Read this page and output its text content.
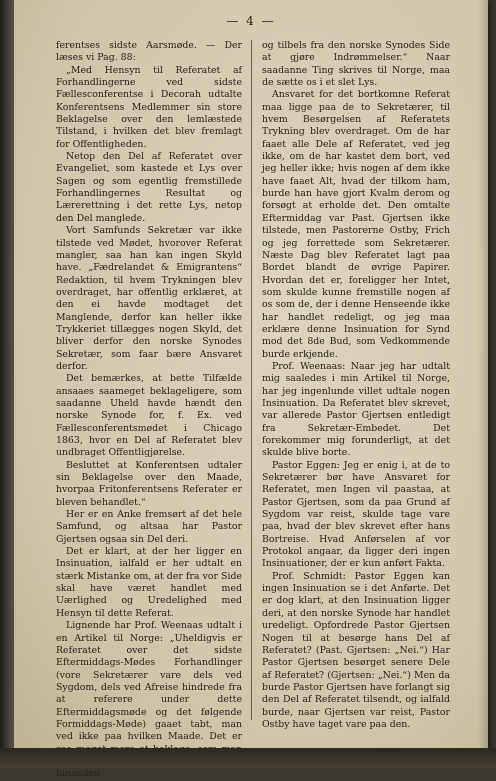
— 4 —

ferentses sidste Aarsmøde. — Der læses vi Pag. 88:

„Med Hensyn til Referatet af Forhandlingerne ved sidste Fællesconferentse i Decorah udtalte Konferentsens Medlemmer sin store Beklagelse over den lemlæstede Tilstand, i hvilken det blev fremlagt for Offentligheden.

Netop den Del af Referatet over Evangeliet, som kastede et Lys over Sagen og som egentlig fremstillede Forhandlingernes Resultat og Lærerettning i det rette Lys, netop den Del manglede.

Vort Samfunds Sekretær var ikke tilstede ved Mødet, hvorover Referat mangler, saa han kan ingen Skyld have. „Fædrelandet & Emigrantens“ Redaktion, til hvem Trykningen blev overdraget, har offentlig erklæret, at den ei havde modtaget det Manglende, derfor kan heller ikke Trykkeriet tillægges nogen Skyld, det bliver derfor den norske Synodes Sekretær, som faar bære Ansvaret derfor.

Det bemærkes, at bette Tilfælde ansaaes saameget beklageligere, som saadanne Uheld havde hændt den norske Synode for, f. Ex. ved Fællesconferentsmødet i Chicago 1863, hvor en Del af Referatet blev undbraget Offentligjørelse.

Besluttet at Konferentsen udtaler sin Beklagelse over den Maade, hvorpaa Fritonferentsens Referater er bleven behandlet.“

Her er en Anke fremsørt af det hele Samfund, og altsaa har Pastor Gjertsen ogsaa sin Del deri.

Det er klart, at der her ligger en Insinuation, ialfald er her udtalt en stærk Mistanke om, at der fra vor Side skal have været handlet med Uærlighed og Uredelighed med Hensyn til dette Referat.

Lignende har Prof. Weenaas udtalt i en Artikel til Norge: „Uheldigvis er Referatet over det sidste Eftermiddags-Mødes Forhandlinger (vore Sekretærer vare dels ved Sygdom, dels ved Afreise hindrede fra at referere under dette Eftermiddagsmøde og det følgende Formiddags-Møde) gaaet tabt, man ved ikke paa hvilken Maade. Det er hinanden

og tilbels fra den norske Synodes Side at gjøre Indrømmelser.“ Naar saadanne Ting skrives til Norge, maa de sætte os i et slet Lys.

Ansvaret for det bortkomne Referat maa ligge paa de to Sekretærer, til hvem Besørgelsen af Referatets Trykning blev overdraget. Om de har faaet alle Dele af Referatet, ved jeg ikke, om de har kastet dem bort, ved jeg heller ikke; hvis nogen af dem ikke have faaet Alt, hvad der tilkom ham, burde han have gjort Kvalm derom og forsøgt at erholde det. Den omtalte Eftermiddag var Past. Gjertsen ikke tilstede, men Pastorerne Ostby, Frich og jeg forrettede som Sekretærer. Næste Dag blev Referatet lagt paa Bordet blandt de øvrige Papirer. Hvordan det er, foreligger her Intet, som skulde kunne fremstille nogen af os som de, der i denne Henseende ikke har handlet redeligt, og jeg maa erklære denne Insinuation for Synd mod det 8de Bud, som Vedkommende burde erkjende.

Prof. Weenaas: Naar jeg har udtalt mig saaledes i min Artikel til Norge, har jeg ingenlunde villet udtale nogen Insinuation. Da Referatet blev skrevet, var allerede Pastor Gjertsen entledigt fra Sekretær-Embedet. Det forekommer mig forunderligt, at det skulde blive borte.

Pastor Eggen: Jeg er enig i, at de to Sekretærer bør have Ansvaret for Referatet, men Ingen vil paastaa, at Pastor Gjertsen, som da paa Grund af Sygdom var reist, skulde tage vare paa, hvad der blev skrevet efter hans Bortreise. Hvad Anførselen af vor Protokol angaar, da ligger deri ingen Insinuationer, der er kun anført Fakta.

Prof. Schmidt: Pastor Eggen kan ingen Insinuation se i det Anførte. Det er dog klart, at den Insinuation ligger deri, at den norske Synode har handlet uredeligt. Opfordrede Pastor Gjertsen Nogen til at besørge hans Del af Referatet? (Past. Gjertsen: „Nei.“) Har Pastor Gjertsen besørget senere Dele af Referatet? (Gjertsen: „Nei.“) Men da burde Pastor Gjertsen have forlangt sig den Del af Referatet tilsendt, og ialfald burde, naar Gjertsen var reist, Pastor Ostby have taget vare paa den.
